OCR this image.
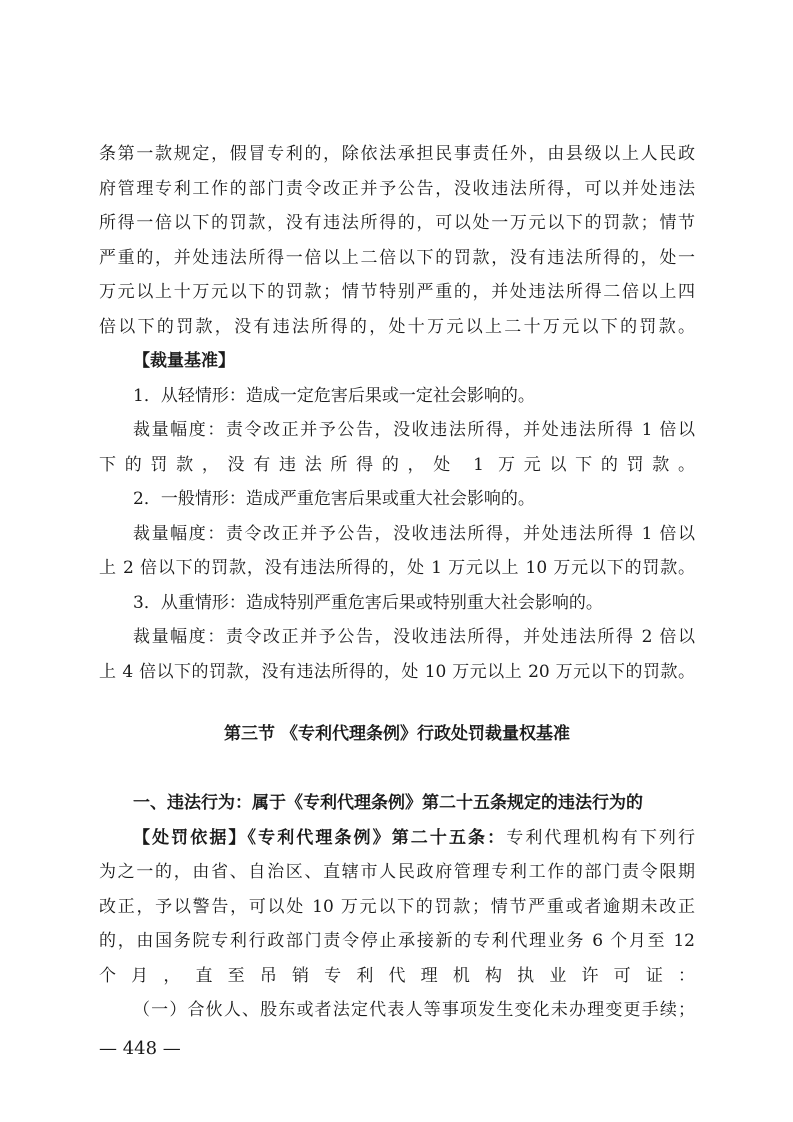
条第一款规定，假冒专利的，除依法承担民事责任外，由县级以上人民政
府管理专利工作的部门责令改正并予公告，没收违法所得，可以并处违法
所得一倍以下的罚款，没有违法所得的，可以处一万元以下的罚款；情节
严重的，并处违法所得一倍以上二倍以下的罚款，没有违法所得的，处一
万元以上十万元以下的罚款；情节特别严重的，并处违法所得二倍以上四
倍以下的罚款，没有违法所得的，处十万元以上二十万元以下的罚款。

【裁量基准】

1．从轻情形：造成一定危害后果或一定社会影响的。

裁量幅度：责令改正并予公告，没收违法所得，并处违法所得 1 倍以
下的罚款，没有违法所得的，处 1 万元以下的罚款。

2．一般情形：造成严重危害后果或重大社会影响的。

裁量幅度：责令改正并予公告，没收违法所得，并处违法所得 1 倍以
上 2 倍以下的罚款，没有违法所得的，处 1 万元以上 10 万元以下的罚款。

3．从重情形：造成特别严重危害后果或特别重大社会影响的。

裁量幅度：责令改正并予公告，没收违法所得，并处违法所得 2 倍以
上 4 倍以下的罚款，没有违法所得的，处 10 万元以上 20 万元以下的罚款。

第三节 《专利代理条例》行政处罚裁量权基准

一、违法行为：属于《专利代理条例》第二十五条规定的违法行为的

【处罚依据】《专利代理条例》第二十五条：专利代理机构有下列行
为之一的，由省、自治区、直辖市人民政府管理专利工作的部门责令限期
改正，予以警告，可以处 10 万元以下的罚款；情节严重或者逾期未改正
的，由国务院专利行政部门责令停止承接新的专利代理业务 6 个月至 12
个月，直至吊销专利代理机构执业许可证：

（一）合伙人、股东或者法定代表人等事项发生变化未办理变更手续；

— 448 —
